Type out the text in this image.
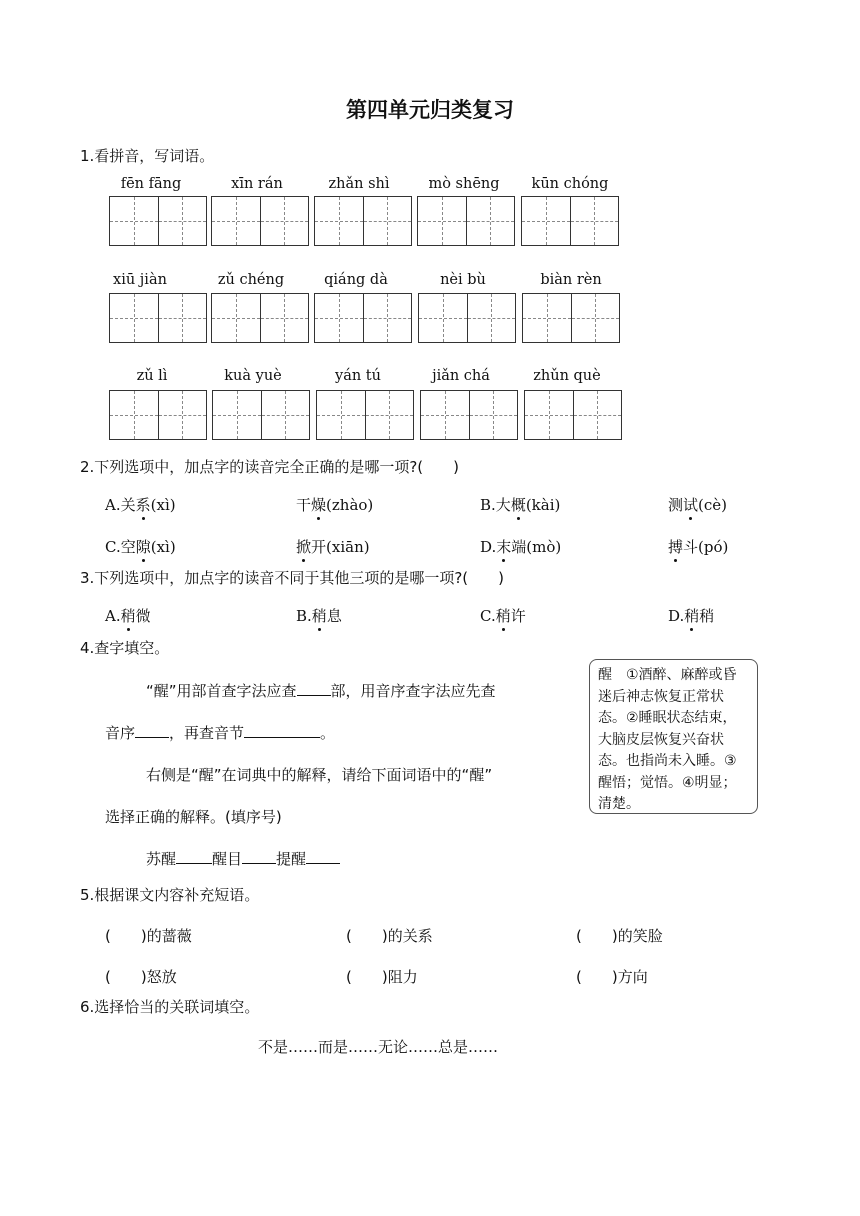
第四单元归类复习
1.看拼音，写词语。
fēn fāng	xīn rán	zhǎn shì	mò shēng	kūn chóng
xiū jiàn	zǔ chéng	qiáng dà	nèi bù	biàn rèn
zǔ lì	kuà yuè	yán tú	jiǎn chá	zhǔn què
2.下列选项中，加点字的读音完全正确的是哪一项?(　　)
A.关系(xì)	干燥(zhào)	B.大概(kài)	测试(cè)
C.空隙(xì)	掀开(xiān)	D.末端(mò)	搏斗(pó)
3.下列选项中，加点字的读音不同于其他三项的是哪一项?(　　)
A.稍微	B.稍息	C.稍许	D.稍稍
4.查字填空。
“醒”用部首查字法应查 部，用音序查字法应先查
音序 ，再查音节	。
右侧是“醒”在词典中的解释，请给下面词语中的“醒”
选择正确的解释。(填序号)
苏醒 醒目 提醒
醒　①酒醉、麻醉或昏迷后神志恢复正常状态。②睡眠状态结束，大脑皮层恢复兴奋状态。也指尚未入睡。③醒悟；觉悟。④明显；清楚。
5.根据课文内容补充短语。
(　　)的蔷薇	(　　)的关系	(　　)的笑脸
(　　)怒放	(　　)阻力	(　　)方向
6.选择恰当的关联词填空。
不是……而是……无论……总是……
